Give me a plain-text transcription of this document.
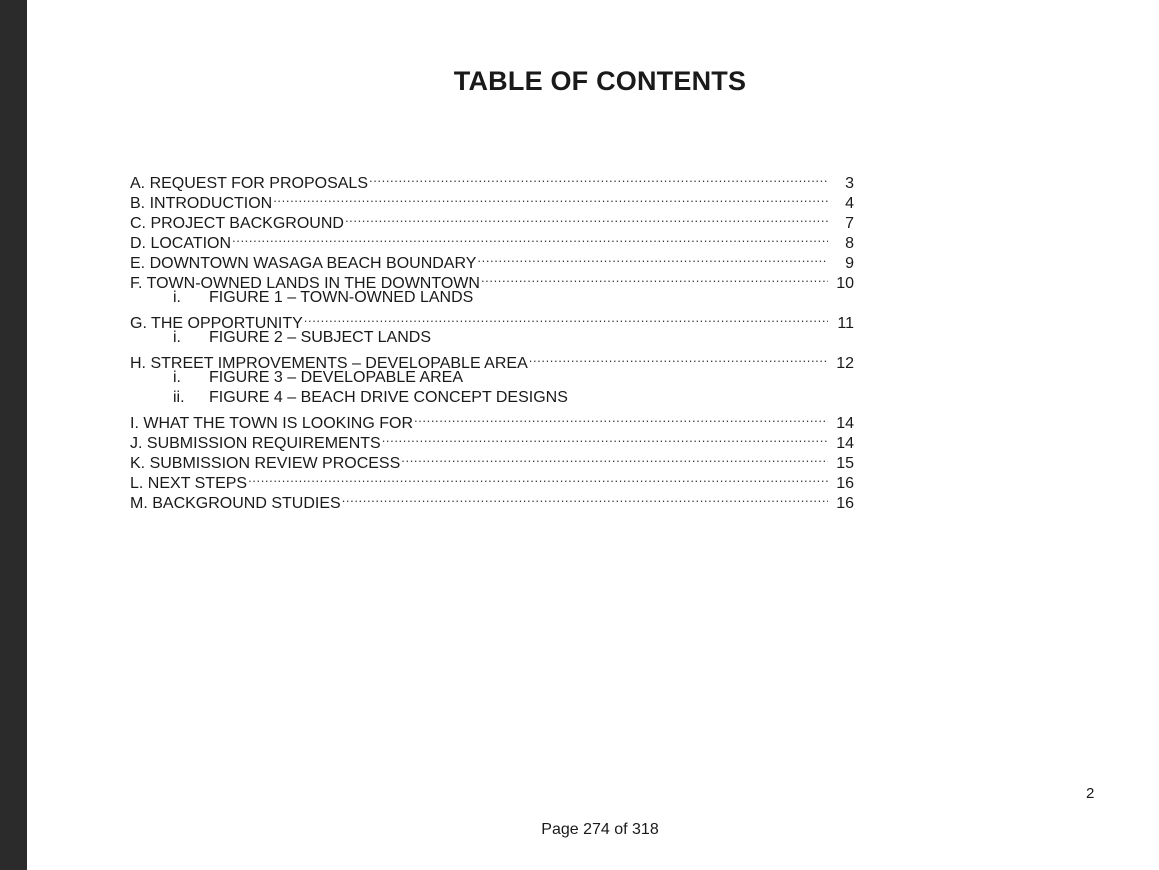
TABLE OF CONTENTS
A. REQUEST FOR PROPOSALS .....	3
B. INTRODUCTION .....	4
C. PROJECT BACKGROUND .....	7
D. LOCATION .....	8
E. DOWNTOWN WASAGA BEACH BOUNDARY .....	9
F. TOWN-OWNED LANDS IN THE DOWNTOWN .....	10
i. FIGURE 1 – TOWN-OWNED LANDS
G. THE OPPORTUNITY .....	11
i. FIGURE 2 – SUBJECT LANDS
H. STREET IMPROVEMENTS – DEVELOPABLE AREA .....	12
i. FIGURE 3 – DEVELOPABLE AREA
ii. FIGURE 4 – BEACH DRIVE CONCEPT DESIGNS
I. WHAT THE TOWN IS LOOKING FOR .....	14
J. SUBMISSION REQUIREMENTS .....	14
K. SUBMISSION REVIEW PROCESS .....	15
L. NEXT STEPS .....	16
M. BACKGROUND STUDIES .....	16
2
Page 274 of 318
